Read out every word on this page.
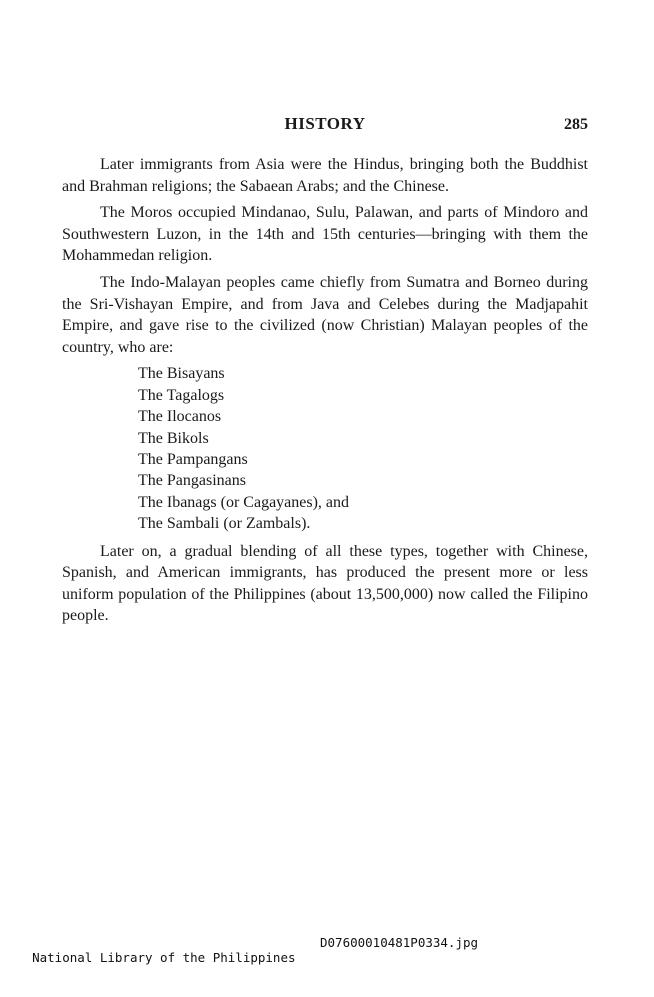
HISTORY	285

Later immigrants from Asia were the Hindus, bringing both the Buddhist and Brahman religions; the Sabaean Arabs; and the Chinese.

The Moros occupied Mindanao, Sulu, Palawan, and parts of Mindoro and Southwestern Luzon, in the 14th and 15th centuries—bringing with them the Mohammedan religion.

The Indo-Malayan peoples came chiefly from Sumatra and Borneo during the Sri-Vishayan Empire, and from Java and Celebes during the Madjapahit Empire, and gave rise to the civilized (now Christian) Malayan peoples of the country, who are:

The Bisayans
The Tagalogs
The Ilocanos
The Bikols
The Pampangans
The Pangasinans
The Ibanags (or Cagayanes), and
The Sambali (or Zambals).

Later on, a gradual blending of all these types, together with Chinese, Spanish, and American immigrants, has produced the present more or less uniform population of the Philippines (about 13,500,000) now called the Filipino people.

National Library of the Philippines

D07600010481P0334.jpg
